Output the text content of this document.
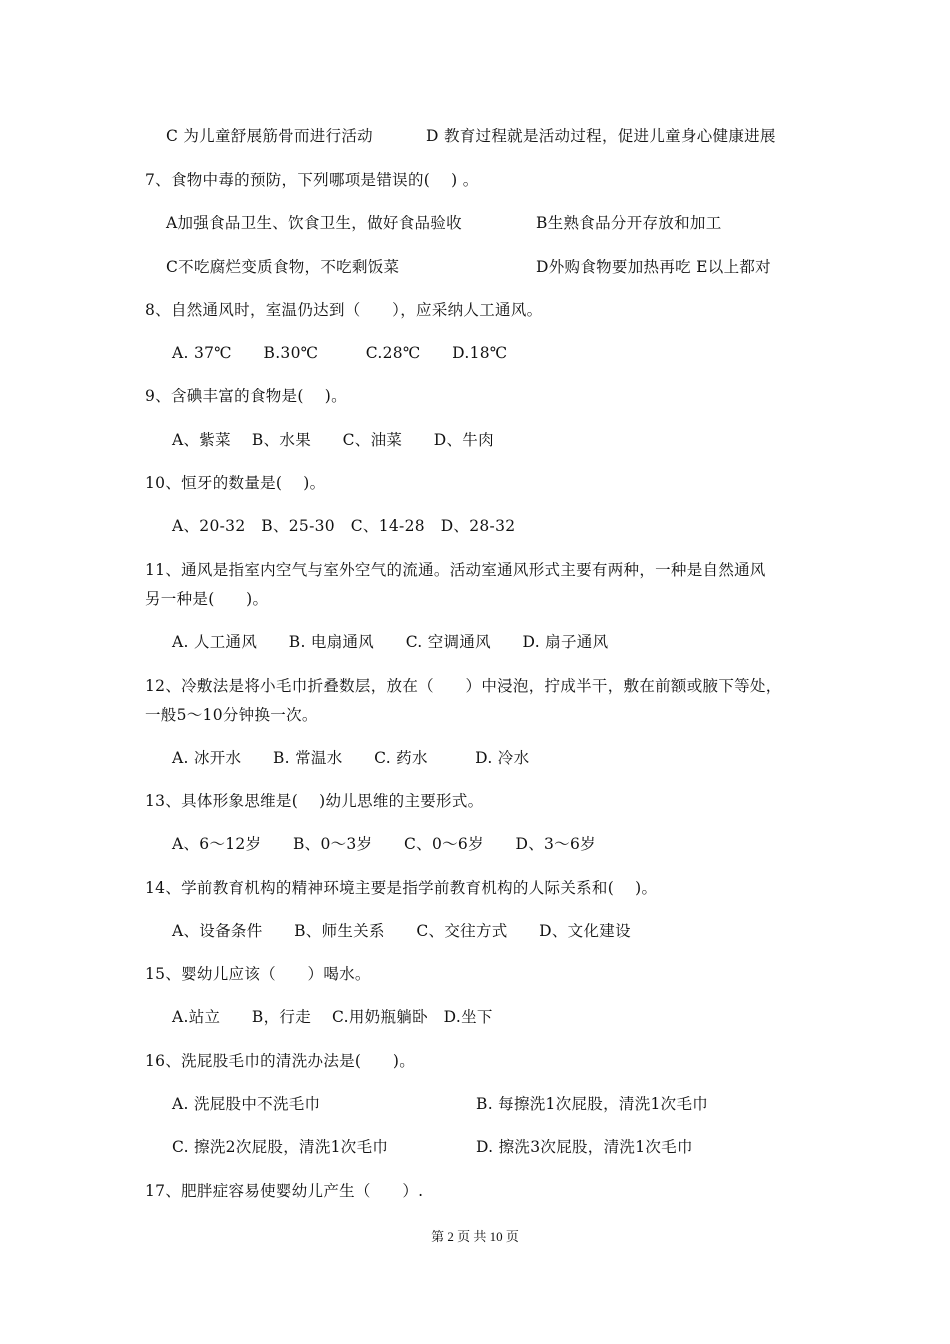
C 为儿童舒展筋骨而进行活动	D 教育过程就是活动过程，促进儿童身心健康进展
7、食物中毒的预防，下列哪项是错误的(　 ) 。
A加强食品卫生、饮食卫生，做好食品验收	B生熟食品分开存放和加工
C不吃腐烂变质食物，不吃剩饭菜	D外购食物要加热再吃 E以上都对
8、自然通风时，室温仍达到（　　），应采纳人工通风。
A. 37℃　　B.30℃　　　C.28℃　　D.18℃
9、含碘丰富的食物是(　 )。
A、紫菜　 B、水果　　C、油菜　　D、牛肉
10、恒牙的数量是(　 )。
A、20-32　B、25-30　C、14-28　D、28-32
11、通风是指室内空气与室外空气的流通。活动室通风形式主要有两种，一种是自然通风
另一种是(　　)。
A. 人工通风　　B. 电扇通风　　C. 空调通风　　D. 扇子通风
12、冷敷法是将小毛巾折叠数层，放在（　　）中浸泡，拧成半干，敷在前额或腋下等处，
一般5～10分钟换一次。
A. 冰开水　　B. 常温水　　C. 药水　　　D. 冷水
13、具体形象思维是(　 )幼儿思维的主要形式。
A、6～12岁　　B、0～3岁　　C、0～6岁　　D、3～6岁
14、学前教育机构的精神环境主要是指学前教育机构的人际关系和(　 )。
A、设备条件　　B、师生关系　　C、交往方式　　D、文化建设
15、婴幼儿应该（　　）喝水。
A.站立　　B，行走　 C.用奶瓶躺卧　D.坐下
16、洗屁股毛巾的清洗办法是(　　)。
A. 洗屁股中不洗毛巾	B. 每擦洗1次屁股，清洗1次毛巾
C. 擦洗2次屁股，清洗1次毛巾	D. 擦洗3次屁股，清洗1次毛巾
17、肥胖症容易使婴幼儿产生（　　）.
第 2 页 共 10 页
